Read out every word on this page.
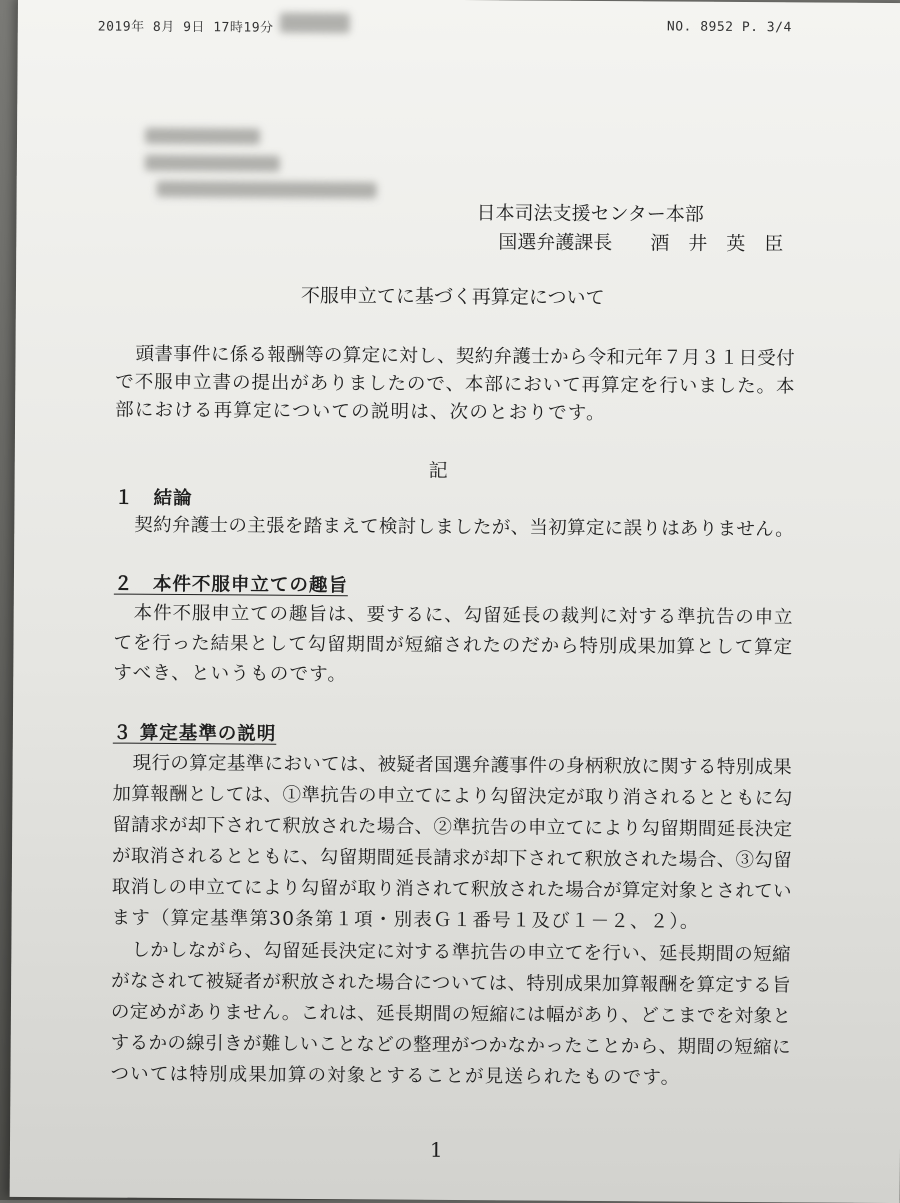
2019年 8月 9日 17時19分	NO. 8952 P. 3/4
日本司法支援センター本部
国選弁護課長　　酒　井　英　臣
不服申立てに基づく再算定について
頭書事件に係る報酬等の算定に対し、契約弁護士から令和元年７月３１日受付
で不服申立書の提出がありましたので、本部において再算定を行いました。本
部における再算定についての説明は、次のとおりです。
記
１　結論
契約弁護士の主張を踏まえて検討しましたが、当初算定に誤りはありません。
２　本件不服申立ての趣旨
本件不服申立ての趣旨は、要するに、勾留延長の裁判に対する準抗告の申立
てを行った結果として勾留期間が短縮されたのだから特別成果加算として算定
すべき、というものです。
３ 算定基準の説明
現行の算定基準においては、被疑者国選弁護事件の身柄釈放に関する特別成果
加算報酬としては、①準抗告の申立てにより勾留決定が取り消されるとともに勾
留請求が却下されて釈放された場合、②準抗告の申立てにより勾留期間延長決定
が取消されるとともに、勾留期間延長請求が却下されて釈放された場合、③勾留
取消しの申立てにより勾留が取り消されて釈放された場合が算定対象とされてい
ます（算定基準第30条第１項・別表Ｇ１番号１及び１－２、２）。
しかしながら、勾留延長決定に対する準抗告の申立てを行い、延長期間の短縮
がなされて被疑者が釈放された場合については、特別成果加算報酬を算定する旨
の定めがありません。これは、延長期間の短縮には幅があり、どこまでを対象と
するかの線引きが難しいことなどの整理がつかなかったことから、期間の短縮に
ついては特別成果加算の対象とすることが見送られたものです。
1
